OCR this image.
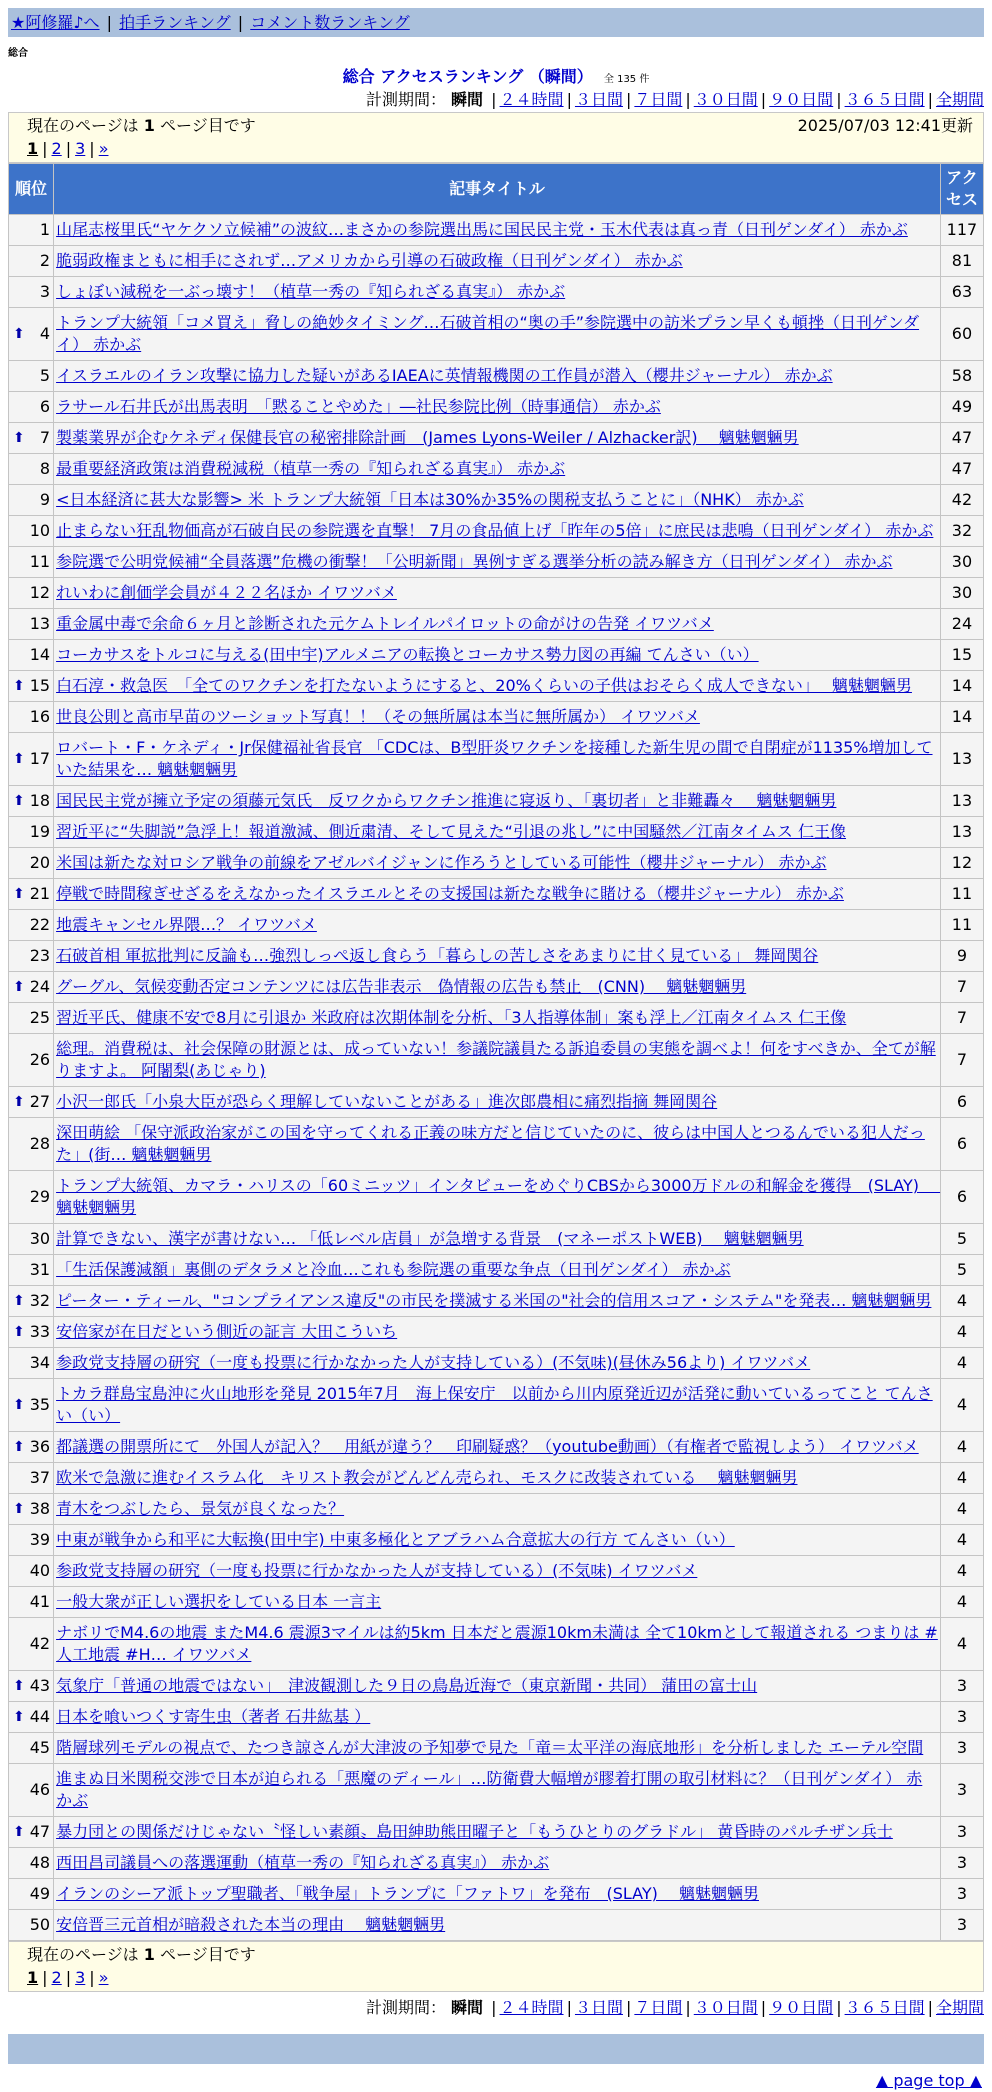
★阿修羅♪へ | 拍手ランキング | コメント数ランキング
総合
総合 アクセスランキング （瞬間） 全 135 件
計測期間： 瞬間 | ２４時間 | ３日間 | ７日間 | ３０日間 | ９０日間 | ３６５日間 | 全期間
現在のページは 1 ページ目です	2025/07/03 12:41更新
1 | 2 | 3 | »
順位	記事タイトル	アクセス
1	山尾志桜里氏“ヤケクソ立候補”の波紋…まさかの参院選出馬に国民民主党・玉木代表は真っ青（日刊ゲンダイ） 赤かぶ	117
2	脆弱政権まともに相手にされず…アメリカから引導の石破政権（日刊ゲンダイ） 赤かぶ	81
3	しょぼい減税を一ぶっ壊す！（植草一秀の『知られざる真実』） 赤かぶ	63

⬆ 4	トランプ大統領「コメ買え」脅しの絶妙タイミング…石破首相の“奥の手”参院選中の訪米プラン早くも頓挫（日刊ゲンダイ） 赤かぶ	60
5	イスラエルのイラン攻撃に協力した疑いがあるIAEAに英情報機関の工作員が潜入（櫻井ジャーナル） 赤かぶ	58
6	ラサール石井氏が出馬表明　「黙ることやめた」―社民参院比例（時事通信） 赤かぶ	49

⬆ 7	製薬業界が企むケネディ保健長官の秘密排除計画　(James Lyons-Weiler / Alzhacker訳)　 魑魅魍魎男	47
8	最重要経済政策は消費税減税（植草一秀の『知られざる真実』） 赤かぶ	47
9	<日本経済に甚大な影響> 米 トランプ大統領「日本は30%か35%の関税支払うことに」（NHK） 赤かぶ	42
10	止まらない狂乱物価高が石破自民の参院選を直撃！ 7月の食品値上げ「昨年の5倍」に庶民は悲鳴（日刊ゲンダイ） 赤かぶ	32
11	参院選で公明党候補“全員落選”危機の衝撃！「公明新聞」異例すぎる選挙分析の読み解き方（日刊ゲンダイ） 赤かぶ	30
12	れいわに創価学会員が４２２名ほか イワツバメ	30
13	重金属中毒で余命６ヶ月と診断された元ケムトレイルパイロットの命がけの告発 イワツバメ	24
14	コーカサスをトルコに与える(田中宇)アルメニアの転換とコーカサス勢力図の再編 てんさい（い）	15

⬆ 15	白石淳・救急医　「全てのワクチンを打たないようにすると、20%くらいの子供はおそらく成人できない」　 魑魅魍魎男	14
16	世良公則と高市早苗のツーショット写真！！（その無所属は本当に無所属か） イワツバメ	14

⬆ 17	ロバート・F・ケネディ・Jr保健福祉省長官 「CDCは、B型肝炎ワクチンを接種した新生児の間で自閉症が1135%増加していた結果を… 魑魅魍魎男	13

⬆ 18	国民民主党が擁立予定の須藤元気氏　反ワクからワクチン推進に寝返り、「裏切者」と非難轟々　 魑魅魍魎男	13
19	習近平に“失脚説”急浮上！報道激減、側近粛清、そして見えた“引退の兆し”に中国騒然／江南タイムス 仁王像	13
20	米国は新たな対ロシア戦争の前線をアゼルバイジャンに作ろうとしている可能性（櫻井ジャーナル） 赤かぶ	12

⬆ 21	停戦で時間稼ぎせざるをえなかったイスラエルとその支援国は新たな戦争に賭ける（櫻井ジャーナル） 赤かぶ	11
22	地震キャンセル界隈…？ イワツバメ	11
23	石破首相 軍拡批判に反論も…強烈しっぺ返し食らう「暮らしの苦しさをあまりに甘く見ている」 舞岡関谷	9

⬆ 24	グーグル、気候変動否定コンテンツには広告非表示　偽情報の広告も禁止　(CNN)　 魑魅魍魎男	7
25	習近平氏、健康不安で8月に引退か 米政府は次期体制を分析、「3人指導体制」案も浮上／江南タイムス 仁王像	7
26	総理。消費税は、社会保障の財源とは、成っていない！参議院議員たる訴追委員の実態を調べよ！何をすべきか、全てが解りますよ。 阿闍梨(あじゃり)	7

⬆ 27	小沢一郎氏「小泉大臣が恐らく理解していないことがある」進次郎農相に痛烈指摘 舞岡関谷	6
28	深田萌絵 「保守派政治家がこの国を守ってくれる正義の味方だと信じていたのに、彼らは中国人とつるんでいる犯人だった」(街… 魑魅魍魎男	6
29	トランプ大統領、カマラ・ハリスの「60ミニッツ」インタビューをめぐりCBSから3000万ドルの和解金を獲得　(SLAY)　 魑魅魍魎男	6
30	計算できない、漢字が書けない… 「低レベル店員」が急増する背景　(マネーポストWEB)　 魑魅魍魎男	5
31	「生活保護減額」裏側のデタラメと冷血…これも参院選の重要な争点（日刊ゲンダイ） 赤かぶ	5

⬆ 32	ピーター・ティール、"コンプライアンス違反"の市民を撲滅する米国の"社会的信用スコア・システム"を発表… 魑魅魍魎男	4

⬆ 33	安倍家が在日だという側近の証言 大田こういち	4
34	参政党支持層の研究（一度も投票に行かなかった人が支持している）(不気味)(昼休み56より) イワツバメ	4

⬆ 35	トカラ群島宝島沖に火山地形を発見 2015年7月　海上保安庁　以前から川内原発近辺が活発に動いているってこと てんさい（い）	4

⬆ 36	都議選の開票所にて　外国人が記入？　用紙が違う？　印刷疑惑？（youtube動画）（有権者で監視しよう） イワツバメ	4
37	欧米で急激に進むイスラム化　キリスト教会がどんどん売られ、モスクに改装されている　 魑魅魍魎男	4

⬆ 38	青木をつぶしたら、景気が良くなった？	4
39	中東が戦争から和平に大転換(田中宇) 中東多極化とアブラハム合意拡大の行方 てんさい（い）	4
40	参政党支持層の研究（一度も投票に行かなかった人が支持している）(不気味) イワツバメ	4
41	一般大衆が正しい選択をしている日本 一言主	4
42	ナボリでM4.6の地震 またM4.6 震源3マイルは約5km 日本だと震源10km未満は 全て10kmとして報道される つまりは #人工地震 #H… イワツバメ	4

⬆ 43	気象庁「普通の地震ではない」　津波観測した９日の鳥島近海で（東京新聞・共同） 蒲田の富士山	3

⬆ 44	日本を喰いつくす寄生虫（著者 石井紘基 ）	3
45	階層球列モデルの視点で、たつき諒さんが大津波の予知夢で見た「竜＝太平洋の海底地形」を分析しました エーテル空間	3
46	進まぬ日米関税交渉で日本が迫られる「悪魔のディール」…防衛費大幅増が膠着打開の取引材料に？（日刊ゲンダイ） 赤かぶ	3

⬆ 47	暴力団との関係だけじゃない〝怪しい素顔〟島田紳助熊田曜子と「もうひとりのグラドル」 黄昏時のパルチザン兵士	3
48	西田昌司議員への落選運動（植草一秀の『知られざる真実』） 赤かぶ	3
49	イランのシーア派トップ聖職者、「戦争屋」トランプに「ファトワ」を発布　(SLAY)　 魑魅魍魎男	3
50	安倍晋三元首相が暗殺された本当の理由　 魑魅魍魎男	3
現在のページは 1 ページ目です
1 | 2 | 3 | »
計測期間： 瞬間 | ２４時間 | ３日間 | ７日間 | ３０日間 | ９０日間 | ３６５日間 | 全期間
▲ page top ▲
